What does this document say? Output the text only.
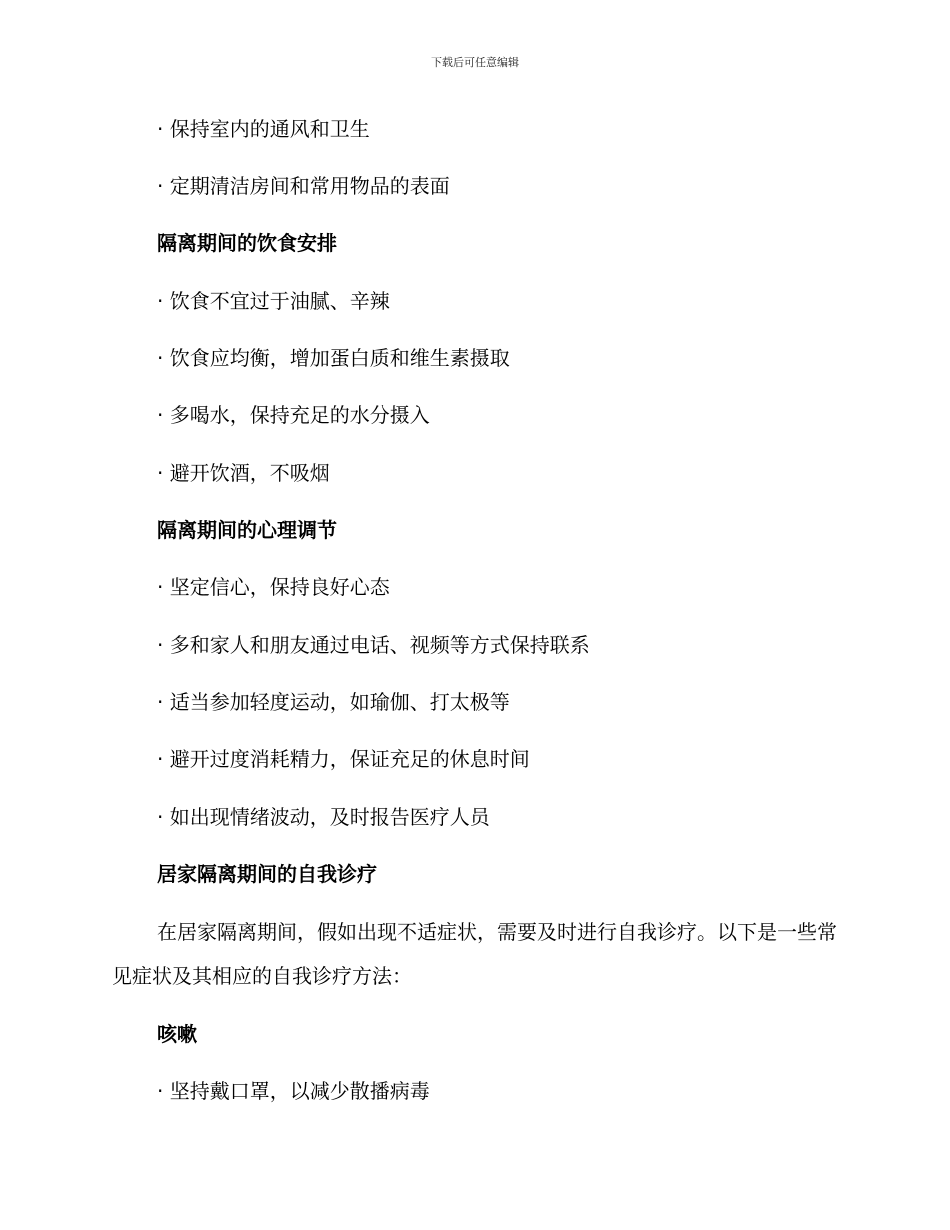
下载后可任意编辑
· 保持室内的通风和卫生
· 定期清洁房间和常用物品的表面
隔离期间的饮食安排
· 饮食不宜过于油腻、辛辣
· 饮食应均衡，增加蛋白质和维生素摄取
· 多喝水，保持充足的水分摄入
· 避开饮酒，不吸烟
隔离期间的心理调节
· 坚定信心，保持良好心态
· 多和家人和朋友通过电话、视频等方式保持联系
· 适当参加轻度运动，如瑜伽、打太极等
· 避开过度消耗精力，保证充足的休息时间
· 如出现情绪波动，及时报告医疗人员
居家隔离期间的自我诊疗
在居家隔离期间，假如出现不适症状，需要及时进行自我诊疗。以下是一些常见症状及其相应的自我诊疗方法：
咳嗽
· 坚持戴口罩，以减少散播病毒
